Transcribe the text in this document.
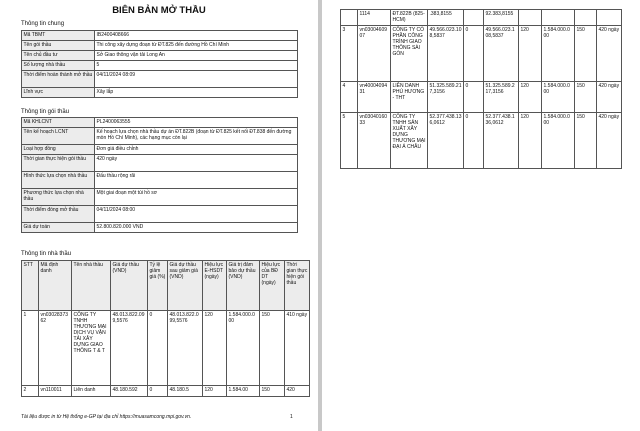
BIÊN BẢN MỞ THẦU
Thông tin chung
Mã TBMT	IB2400408666
Tên gói thầu	Thi công xây dựng đoạn từ ĐT.825 đến đường Hồ Chí Minh
Tên chủ đầu tư	Sở Giao thông vận tải Long An
Số lượng nhà thầu	5
Thời điểm hoàn thành mở thầu	04/11/2024 08:09
Lĩnh vực	Xây lắp
Thông tin gói thầu
Mã KHLCNT	PL2400063555
Tên kế hoạch LCNT	Kế hoạch lựa chọn nhà thầu dự án ĐT.822B (đoạn từ ĐT.825 kết nối ĐT.838 đến đường mòn Hồ Chí Minh), các hạng mục còn lại
Loại hợp đồng	Đơn giá điều chỉnh
Thời gian thực hiện gói thầu	420 ngày
Hình thức lựa chọn nhà thầu	Đấu thầu rộng rãi
Phương thức lựa chọn nhà thầu	Một giai đoạn một túi hồ sơ
Thời điểm đóng mở thầu	04/11/2024 08:00
Giá dự toán	52.800.820.000 VND
Thông tin nhà thầu
STT	Mã định danh	Tên nhà thầu	Giá dự thầu (VND)	Tỷ lệ giảm giá (%)	Giá dự thầu sau giảm giá (VND)	Hiệu lực E-HSDT (ngày)	Giá trị đảm bảo dự thầu (VND)	Hiệu lực của BĐ DT (ngày)	Thời gian thực hiện gói thầu
1	vn0302837362	CÔNG TY TNHH THƯƠNG MẠI DỊCH VỤ VẬN TẢI XÂY DỰNG GIAO THÔNG T & T	48.013.822.099,5576	0	48.013.822.099,5576	120	1.584.000.000	150	410 ngày
2	vn110011	Liên danh	48.180.592	0	48.180.5	120	1.584.00	150	420
Tài liệu được in từ Hệ thống e-GP tại địa chỉ https://muasamcong.mpi.gov.vn.	1
	1114	ĐT.822B (825-HCM)	.383,8155		92.383,8155				
3	vn0300460907	CÔNG TY CỔ PHẦN CÔNG TRÌNH GIAO THÔNG SÀI GÒN	49.566.023.108,5837	0	49.566.023.108,5837	120	1.584.000.000	150	420 ngày
4	vn4000409431	LIÊN DANH PHÚ HƯƠNG - THT	51.325.589.217,3156	0	51.325.589.217,3156	120	1.584.000.000	150	420 ngày
5	vn0304016033	CÔNG TY TNHH SẢN XUẤT XÂY DỰNG THƯƠNG MẠI ĐẠI Á CHÂU	52.377.438.136,0612	0	52.377.438.136,0612	120	1.584.000.000	150	420 ngày
